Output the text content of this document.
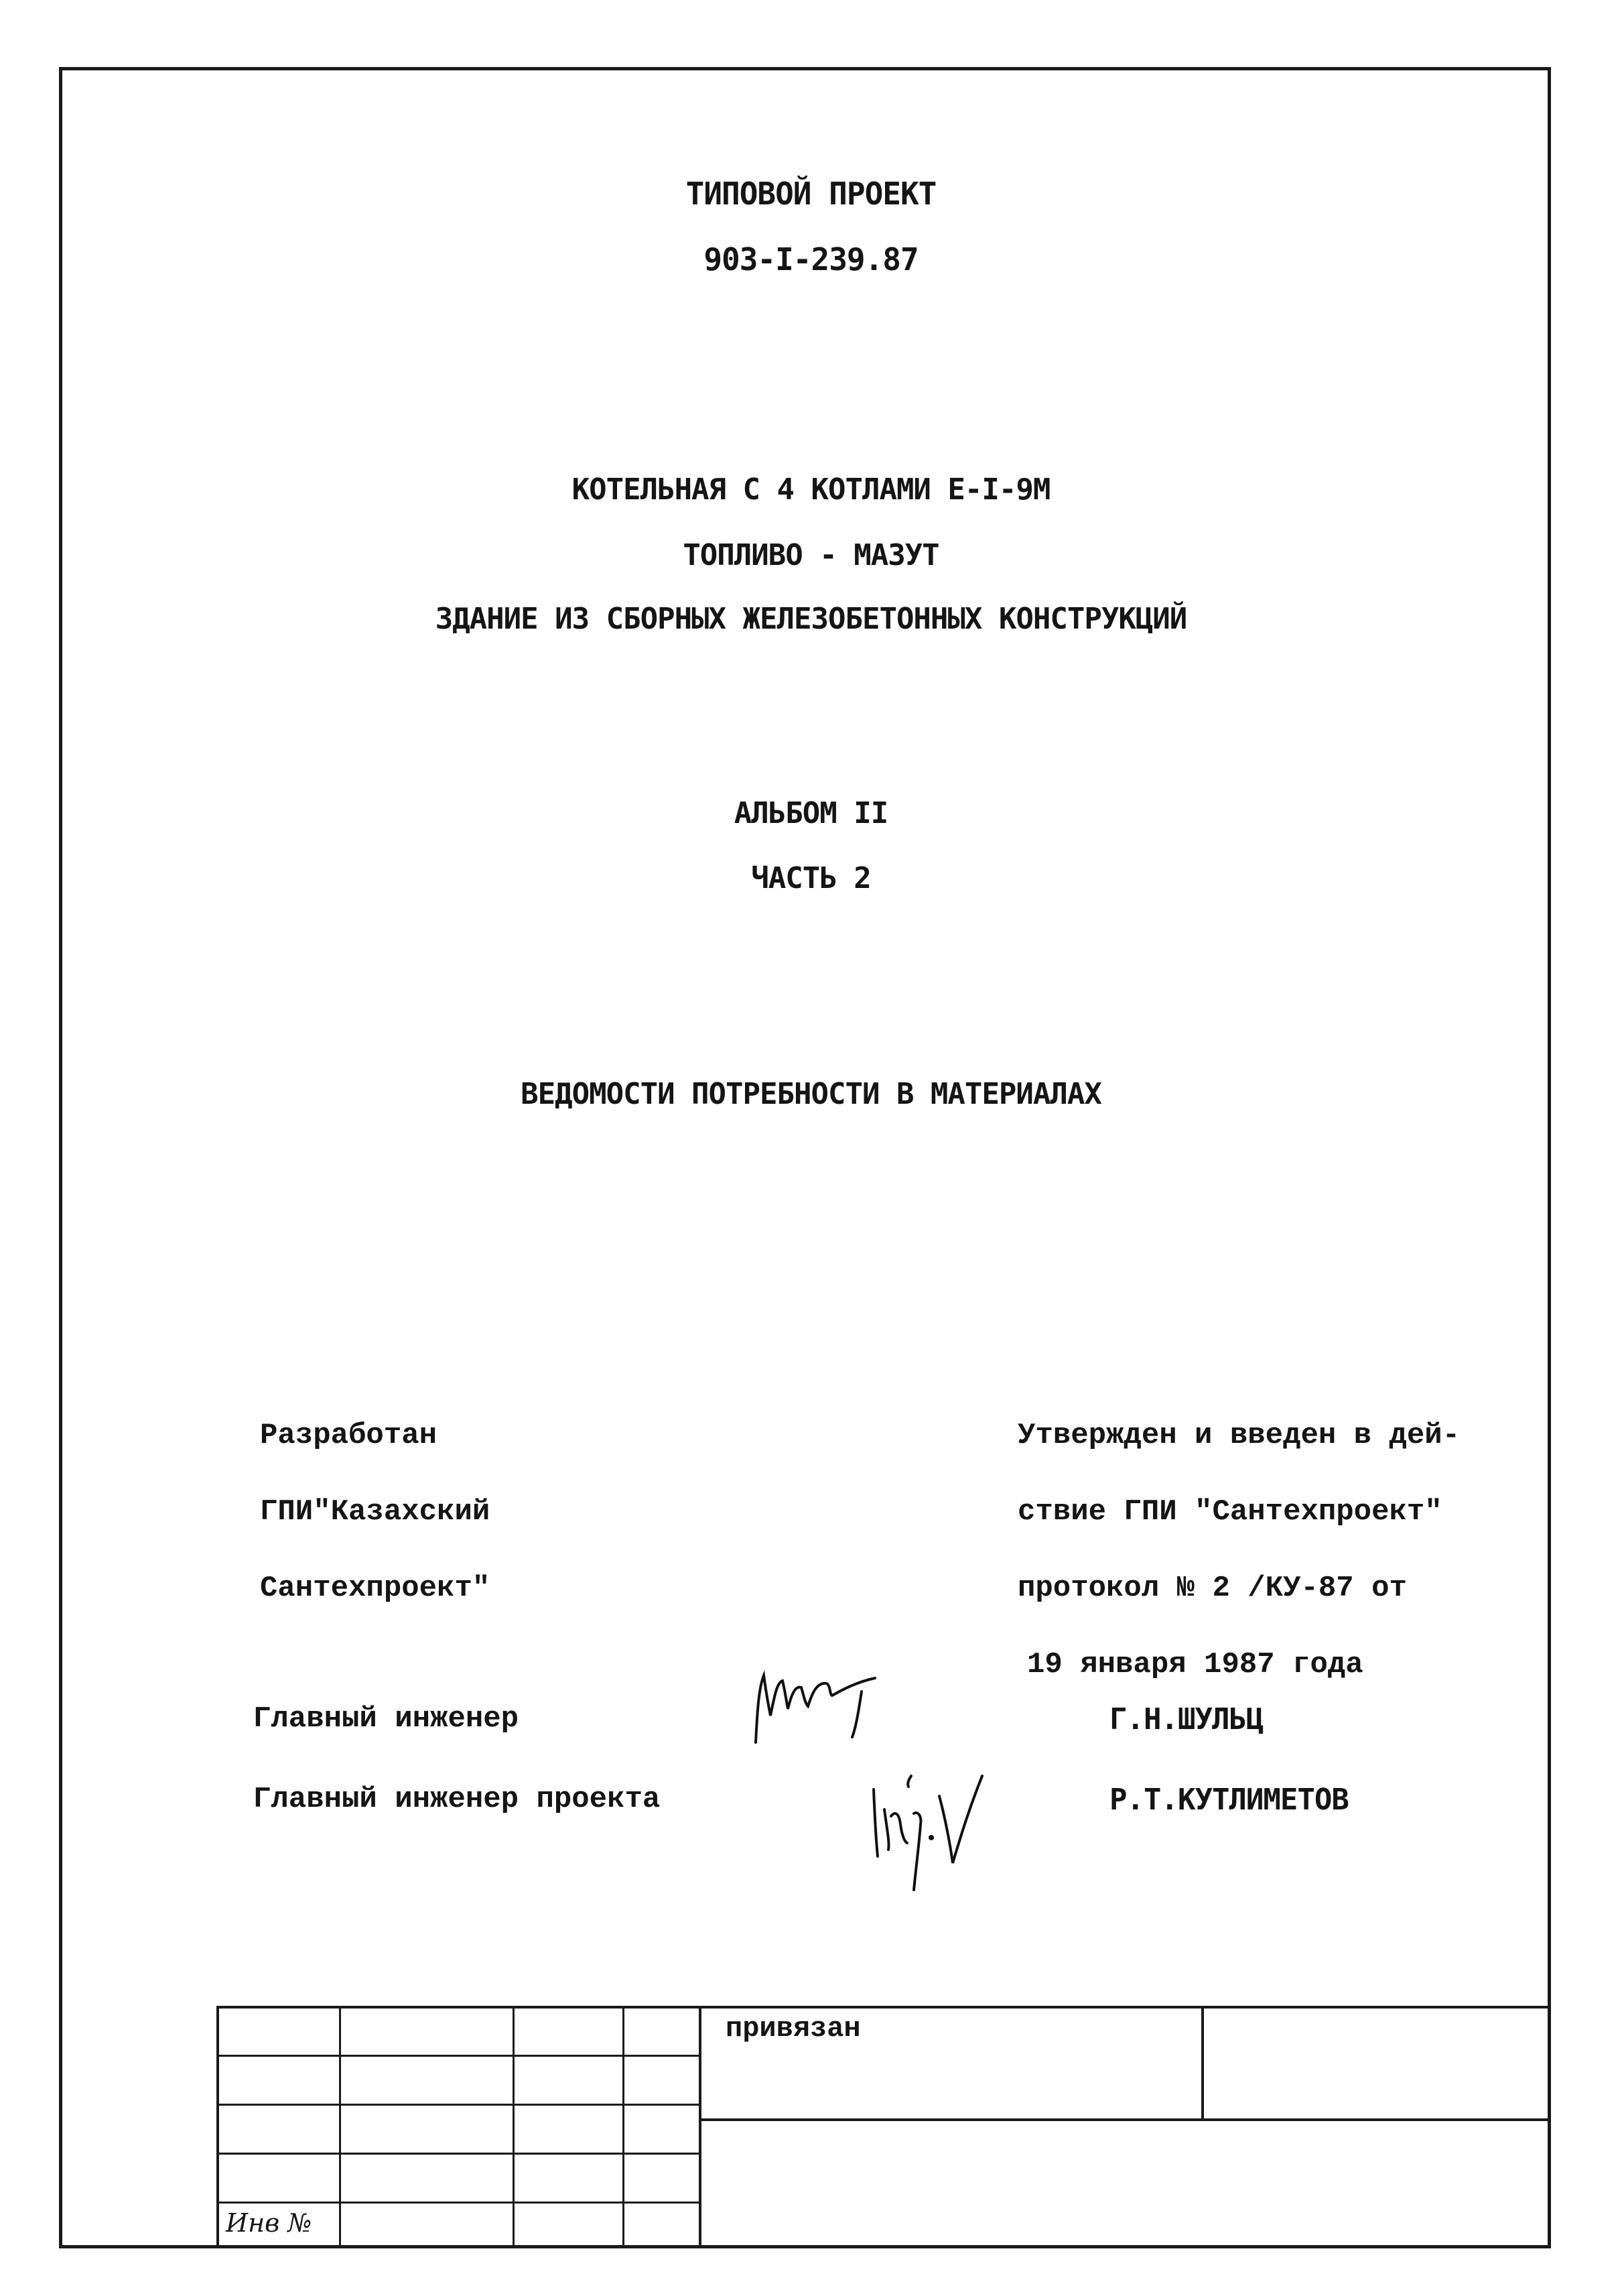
ТИПОВОЙ ПРОЕКТ
903-I-239.87
КОТЕЛЬНАЯ С 4 КОТЛАМИ Е-I-9М
ТОПЛИВО - МАЗУТ
ЗДАНИЕ ИЗ СБОРНЫХ ЖЕЛЕЗОБЕТОННЫХ КОНСТРУКЦИЙ
АЛЬБОМ II
ЧАСТЬ 2
ВЕДОМОСТИ ПОТРЕБНОСТИ В МАТЕРИАЛАХ

Разработан

ГПИ"Казахский

Сантехпроект"

Утвержден и введен в дей-

ствие ГПИ "Сантехпроект"

протокол № 2 /КУ-87 от

19 января 1987 года

Главный инженер	Г.Н.ШУЛЬЦ
Главный инженер проекта	Р.Т.КУТЛИМЕТОВ
привязан
Инв №
